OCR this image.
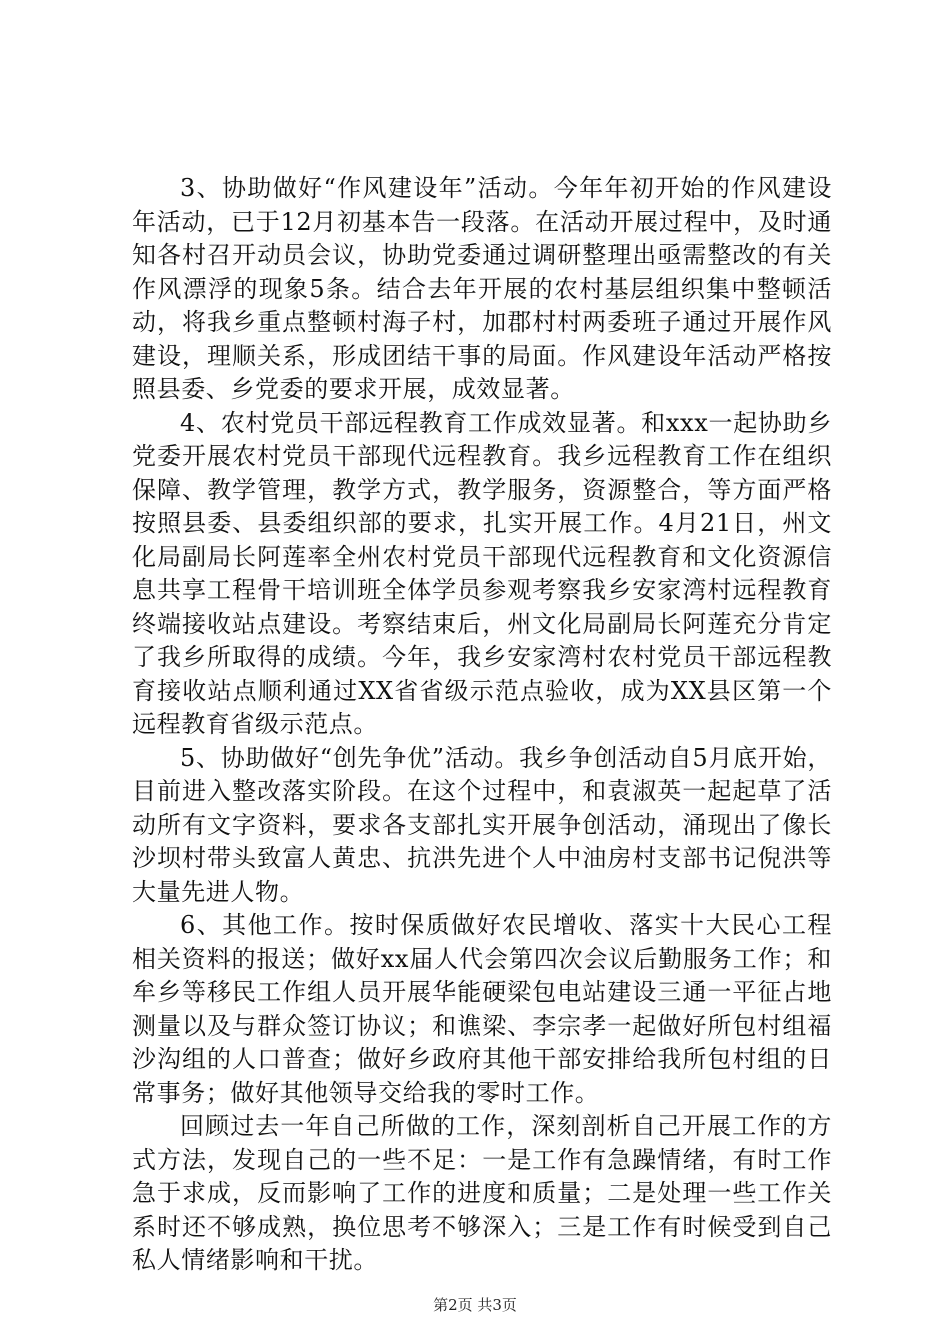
3、协助做好“作风建设年”活动。今年年初开始的作风建设年活动，已于12月初基本告一段落。在活动开展过程中，及时通知各村召开动员会议，协助党委通过调研整理出亟需整改的有关作风漂浮的现象5条。结合去年开展的农村基层组织集中整顿活动，将我乡重点整顿村海子村，加郡村村两委班子通过开展作风建设，理顺关系，形成团结干事的局面。作风建设年活动严格按照县委、乡党委的要求开展，成效显著。

4、农村党员干部远程教育工作成效显著。和xxx一起协助乡党委开展农村党员干部现代远程教育。我乡远程教育工作在组织保障、教学管理，教学方式，教学服务，资源整合，等方面严格按照县委、县委组织部的要求，扎实开展工作。4月21日，州文化局副局长阿莲率全州农村党员干部现代远程教育和文化资源信息共享工程骨干培训班全体学员参观考察我乡安家湾村远程教育终端接收站点建设。考察结束后，州文化局副局长阿莲充分肯定了我乡所取得的成绩。今年，我乡安家湾村农村党员干部远程教育接收站点顺利通过XX省省级示范点验收，成为XX县区第一个远程教育省级示范点。

5、协助做好“创先争优”活动。我乡争创活动自5月底开始，目前进入整改落实阶段。在这个过程中，和袁淑英一起起草了活动所有文字资料，要求各支部扎实开展争创活动，涌现出了像长沙坝村带头致富人黄忠、抗洪先进个人中油房村支部书记倪洪等大量先进人物。

6、其他工作。按时保质做好农民增收、落实十大民心工程相关资料的报送；做好xx届人代会第四次会议后勤服务工作；和牟乡等移民工作组人员开展华能硬梁包电站建设三通一平征占地测量以及与群众签订协议；和谯梁、李宗孝一起做好所包村组福沙沟组的人口普查；做好乡政府其他干部安排给我所包村组的日常事务；做好其他领导交给我的零时工作。

回顾过去一年自己所做的工作，深刻剖析自己开展工作的方式方法，发现自己的一些不足：一是工作有急躁情绪，有时工作急于求成，反而影响了工作的进度和质量；二是处理一些工作关系时还不够成熟，换位思考不够深入；三是工作有时候受到自己私人情绪影响和干扰。

第2页 共3页
